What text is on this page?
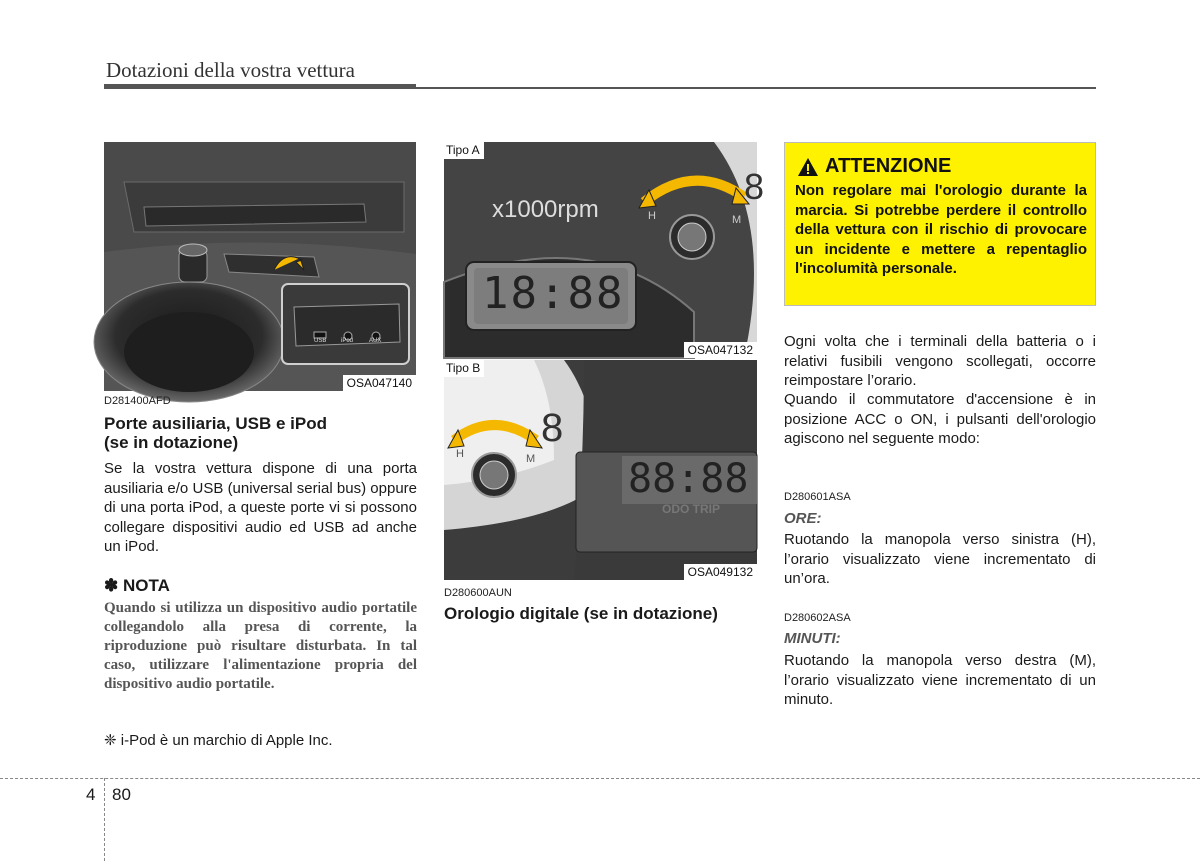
Dotazioni della vostra vettura
USB iPod	AUX
OSA047140
D281400AFD
Porte ausiliaria, USB e iPod
(se in dotazione)
Se la vostra vettura dispone di una porta ausiliaria e/o USB (universal serial bus) oppure di una porta iPod, a queste porte vi si possono collegare dispositivi audio ed USB ad anche un iPod.
✽ NOTA
Quando si utilizza un dispositivo audio portatile collegandolo alla presa di corrente, la riproduzione può risultare disturbata. In tal caso, utilizzare l'alimentazione propria del dispositivo audio portatile.
❈ i-Pod è un marchio di Apple Inc.
x1000rpm
18:88
H	M
8
Tipo A
OSA047132
8
H	M 88:88
ODO TRIP
Tipo B
OSA049132
D280600AUN
Orologio digitale (se in dotazione)
ATTENZIONE
Non regolare mai l'orologio durante la marcia. Si potrebbe perdere il controllo della vettura con il rischio di provocare un incidente e mettere a repentaglio l'incolumità personale.
Ogni volta che i terminali della batteria o i relativi fusibili vengono scollegati, occorre reimpostare l’orario.
Quando il commutatore d'accensione è in posizione ACC o ON, i pulsanti dell'orologio agiscono nel seguente modo:
D280601ASA
ORE:
Ruotando la manopola verso sinistra (H), l’orario visualizzato viene incrementato di un’ora.
D280602ASA
MINUTI:
Ruotando la manopola verso destra (M), l’orario visualizzato viene incrementato di un minuto.
4 80
